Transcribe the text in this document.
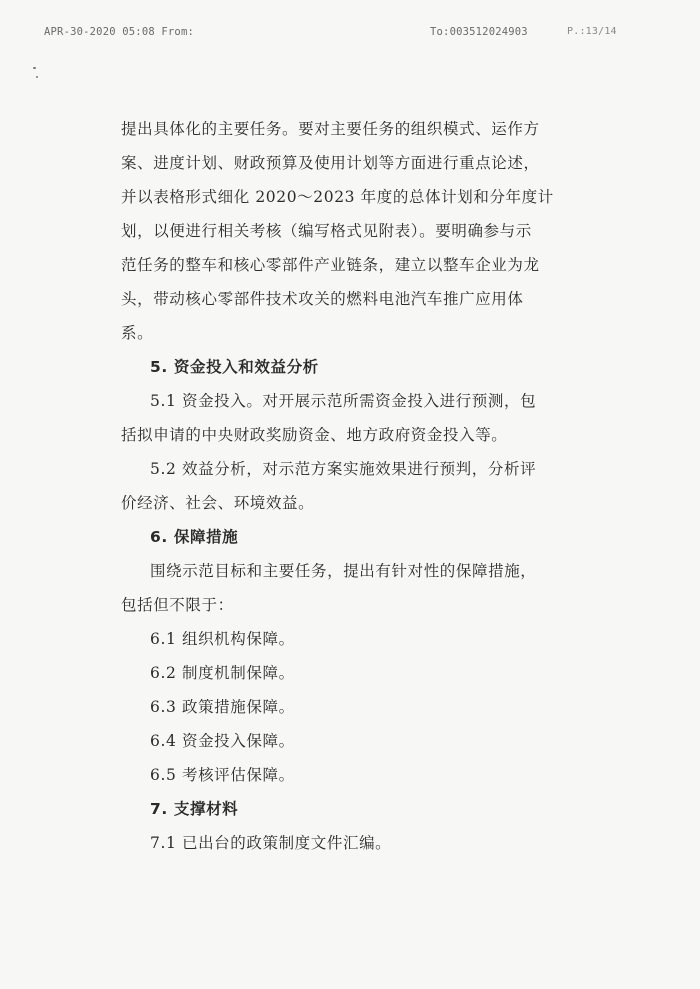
APR-30-2020 05:08 From:	To:003512024903	P.:13/14
提出具体化的主要任务。要对主要任务的组织模式、运作方
案、进度计划、财政预算及使用计划等方面进行重点论述，
并以表格形式细化 2020～2023 年度的总体计划和分年度计
划，以便进行相关考核（编写格式见附表）。要明确参与示
范任务的整车和核心零部件产业链条，建立以整车企业为龙
头，带动核心零部件技术攻关的燃料电池汽车推广应用体
系。
5. 资金投入和效益分析
5.1 资金投入。对开展示范所需资金投入进行预测，包
括拟申请的中央财政奖励资金、地方政府资金投入等。
5.2 效益分析，对示范方案实施效果进行预判，分析评
价经济、社会、环境效益。
6. 保障措施
围绕示范目标和主要任务，提出有针对性的保障措施，
包括但不限于：
6.1 组织机构保障。
6.2 制度机制保障。
6.3 政策措施保障。
6.4 资金投入保障。
6.5 考核评估保障。
7. 支撑材料
7.1 已出台的政策制度文件汇编。
